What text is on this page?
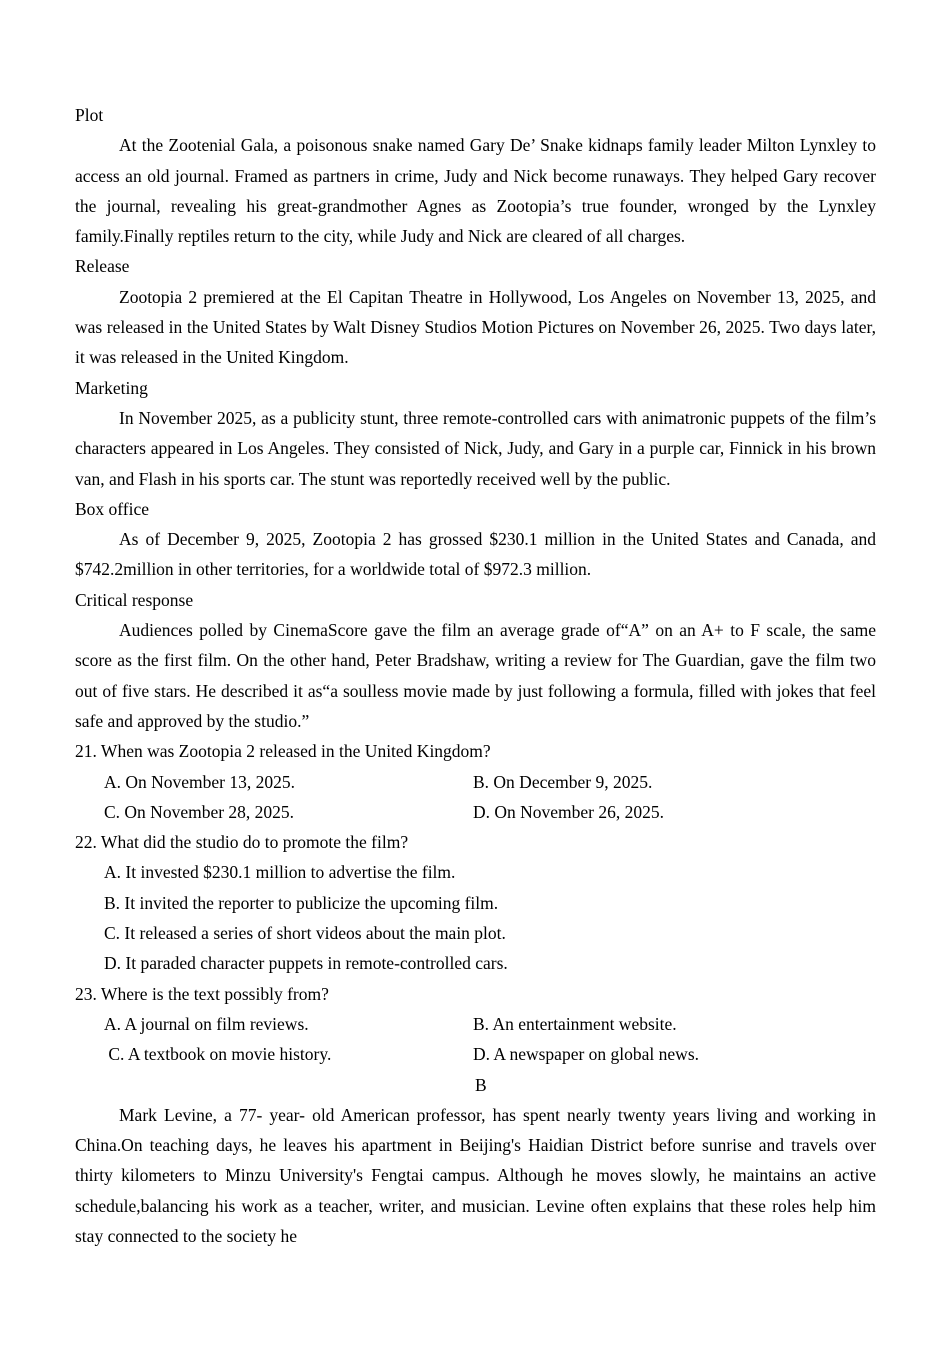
Plot
At the Zootenial Gala, a poisonous snake named Gary De’ Snake kidnaps family leader Milton Lynxley to access an old journal. Framed as partners in crime, Judy and Nick become runaways. They helped Gary recover the journal, revealing his great-grandmother Agnes as Zootopia’s true founder, wronged by the Lynxley family.Finally reptiles return to the city, while Judy and Nick are cleared of all charges.
Release
Zootopia 2 premiered at the El Capitan Theatre in Hollywood, Los Angeles on November 13, 2025, and was released in the United States by Walt Disney Studios Motion Pictures on November 26, 2025. Two days later, it was released in the United Kingdom.
Marketing
In November 2025, as a publicity stunt, three remote-controlled cars with animatronic puppets of the film’s characters appeared in Los Angeles. They consisted of Nick, Judy, and Gary in a purple car, Finnick in his brown van, and Flash in his sports car. The stunt was reportedly received well by the public.
Box office
As of December 9, 2025, Zootopia 2 has grossed $230.1 million in the United States and Canada, and $742.2million in other territories, for a worldwide total of $972.3 million.
Critical response
Audiences polled by CinemaScore gave the film an average grade of“A” on an A+ to F scale, the same score as the first film. On the other hand, Peter Bradshaw, writing a review for The Guardian, gave the film two out of five stars. He described it as“a soulless movie made by just following a formula, filled with jokes that feel safe and approved by the studio.”
21. When was Zootopia 2 released in the United Kingdom?
A. On November 13, 2025.	B. On December 9, 2025.
C. On November 28, 2025.	D. On November 26, 2025.
22. What did the studio do to promote the film?
A. It invested $230.1 million to advertise the film.
B. It invited the reporter to publicize the upcoming film.
C. It released a series of short videos about the main plot.
D. It paraded character puppets in remote-controlled cars.
23. Where is the text possibly from?
A. A journal on film reviews.	B. An entertainment website.
C. A textbook on movie history.	D. A newspaper on global news.
B
Mark Levine, a 77- year- old American professor, has spent nearly twenty years living and working in China.On teaching days, he leaves his apartment in Beijing's Haidian District before sunrise and travels over thirty kilometers to Minzu University's Fengtai campus. Although he moves slowly, he maintains an active schedule,balancing his work as a teacher, writer, and musician. Levine often explains that these roles help him stay connected to the society he
